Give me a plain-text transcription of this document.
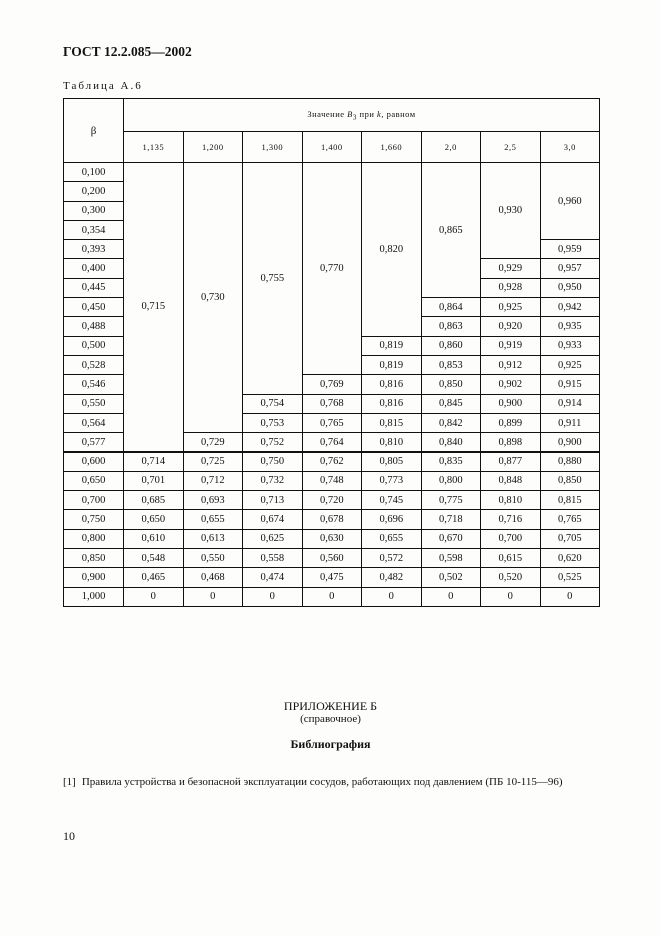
ГОСТ 12.2.085—2002
Таблица А.6
β	Значение $B_3$ при k, равном							
	1,135	1,200	1,300	1,400	1,660	2,0	2,5	3,0
0,100	0,715	0,730	0,755	0,770	0,820	0,865	0,930	0,960
0,200								
0,300								
0,354								
0,393								0,959
0,400							0,929	0,957
0,445							0,928	0,950
0,450						0,864	0,925	0,942
0,488						0,863	0,920	0,935
0,500					0,819	0,860	0,919	0,933
0,528					0,819	0,853	0,912	0,925
0,546				0,769	0,816	0,850	0,902	0,915
0,550			0,754	0,768	0,816	0,845	0,900	0,914
0,564			0,753	0,765	0,815	0,842	0,899	0,911
0,577		0,729	0,752	0,764	0,810	0,840	0,898	0,900
0,600	0,714	0,725	0,750	0,762	0,805	0,835	0,877	0,880
0,650	0,701	0,712	0,732	0,748	0,773	0,800	0,848	0,850
0,700	0,685	0,693	0,713	0,720	0,745	0,775	0,810	0,815
0,750	0,650	0,655	0,674	0,678	0,696	0,718	0,716	0,765
0,800	0,610	0,613	0,625	0,630	0,655	0,670	0,700	0,705
0,850	0,548	0,550	0,558	0,560	0,572	0,598	0,615	0,620
0,900	0,465	0,468	0,474	0,475	0,482	0,502	0,520	0,525
1,000	0	0	0	0	0	0	0	0
ПРИЛОЖЕНИЕ Б
(справочное)
Библиография
[1] Правила устройства и безопасной эксплуатации сосудов, работающих под давлением (ПБ 10-115—96)
10
